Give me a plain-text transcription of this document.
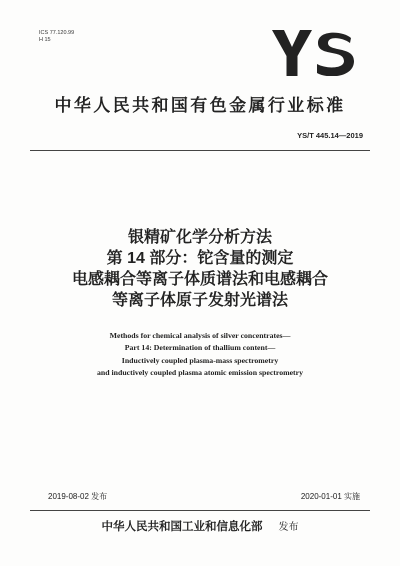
ICS 77.120.99
H 15
中华人民共和国有色金属行业标准
YS/T 445.14—2019
银精矿化学分析方法
第 14 部分：铊含量的测定
电感耦合等离子体质谱法和电感耦合
等离子体原子发射光谱法
Methods for chemical analysis of silver concentrates—
Part 14: Determination of thallium content—
Inductively coupled plasma-mass spectrometry
and inductively coupled plasma atomic emission spectrometry
2019-08-02 发布	2020-01-01 实施
中华人民共和国工业和信息化部 发布
